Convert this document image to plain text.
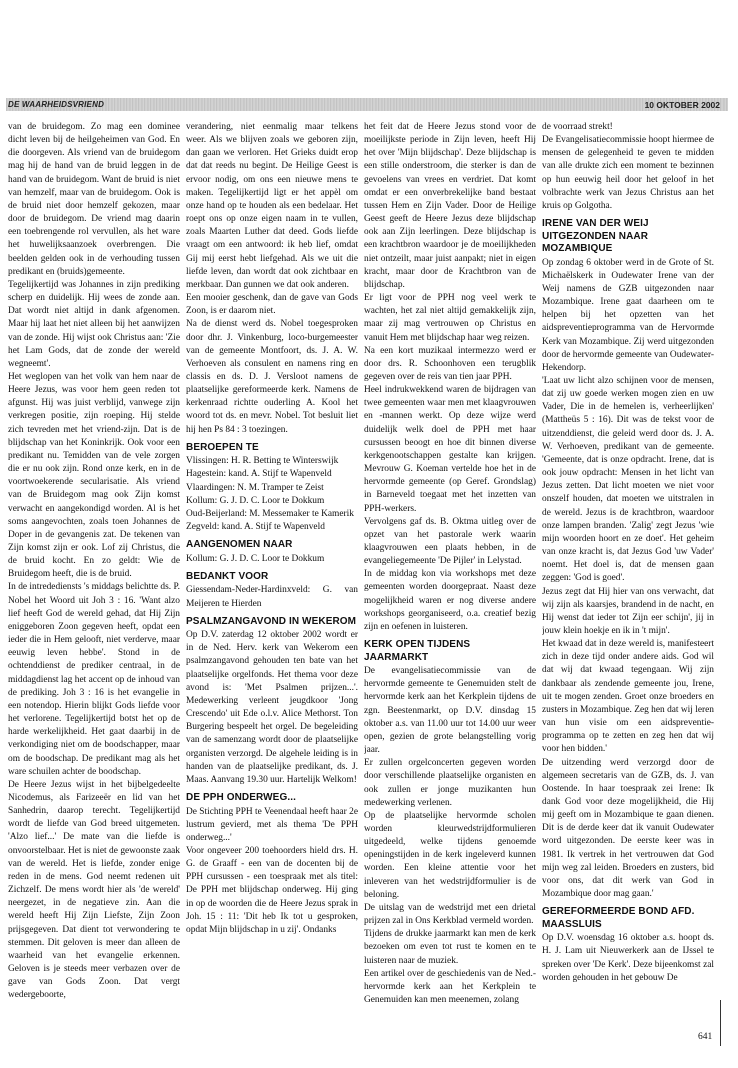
DE WAARHEIDSVRIEND	10 OKTOBER 2002

van de bruidegom. Zo mag een dominee dicht leven bij de heilgeheimen van God. En die doorgeven. Als vriend van de bruidegom mag hij de hand van de bruid leggen in de hand van de bruidegom. Want de bruid is niet van hemzelf, maar van de bruidegom. Ook is de bruid niet door hemzelf gekozen, maar door de bruidegom. De vriend mag daarin een toebrengende rol vervullen, als het ware het huwelijksaanzoek overbrengen. Die beelden gelden ook in de verhouding tussen predikant en (bruids)gemeente.

Tegelijkertijd was Johannes in zijn prediking scherp en duidelijk. Hij wees de zonde aan. Dat wordt niet altijd in dank afgenomen. Maar hij laat het niet alleen bij het aanwijzen van de zonde. Hij wijst ook Christus aan: 'Zie het Lam Gods, dat de zonde der wereld wegneemt'.

Het weglopen van het volk van hem naar de Heere Jezus, was voor hem geen reden tot afgunst. Hij was juist verblijd, vanwege zijn verkregen positie, zijn roeping. Hij stelde zich tevreden met het vriend-zijn. Dat is de blijdschap van het Koninkrijk. Ook voor een predikant nu. Temidden van de vele zorgen die er nu ook zijn. Rond onze kerk, en in de voortwoekerende secularisatie. Als vriend van de Bruidegom mag ook Zijn komst verwacht en aangekondigd worden. Al is het soms aangevochten, zoals toen Johannes de Doper in de gevangenis zat. De tekenen van Zijn komst zijn er ook. Lof zij Christus, die de bruid kocht. En zo geldt: Wie de Bruidegom heeft, die is de bruid.

In de intredediensts 's middags belichtte ds. P. Nobel het Woord uit Joh 3 : 16. 'Want alzo lief heeft God de wereld gehad, dat Hij Zijn eniggeboren Zoon gegeven heeft, opdat een ieder die in Hem gelooft, niet verderve, maar eeuwig leven hebbe'. Stond in de ochtenddienst de prediker centraal, in de middagdienst lag het accent op de inhoud van de prediking. Joh 3 : 16 is het evangelie in een notendop. Hierin blijkt Gods liefde voor het verlorene. Tegelijkertijd botst het op de harde werkelijkheid. Het gaat daarbij in de verkondiging niet om de boodschapper, maar om de boodschap. De predikant mag als het ware schuilen achter de boodschap.

De Heere Jezus wijst in het bijbelgedeelte Nicodemus, als Farizeeër en lid van het Sanhedrin, daarop terecht. Tegelijkertijd wordt de liefde van God breed uitgemeten. 'Alzo lief...' De mate van die liefde is onvoorstelbaar. Het is niet de gewoonste zaak van de wereld. Het is liefde, zonder enige reden in de mens. God neemt redenen uit Zichzelf. De mens wordt hier als 'de wereld' neergezet, in de negatieve zin. Aan die wereld heeft Hij Zijn Liefste, Zijn Zoon prijsgegeven. Dat dient tot verwondering te stemmen. Dit geloven is meer dan alleen de waarheid van het evangelie erkennen. Geloven is je steeds meer verbazen over de gave van Gods Zoon. Dat vergt wedergeboorte,

verandering, niet eenmalig maar telkens weer. Als we blijven zoals we geboren zijn, dan gaan we verloren. Het Grieks duidt erop dat dat reeds nu begint. De Heilige Geest is ervoor nodig, om ons een nieuwe mens te maken. Tegelijkertijd ligt er het appèl om onze hand op te houden als een bedelaar. Het roept ons op onze eigen naam in te vullen, zoals Maarten Luther dat deed. Gods liefde vraagt om een antwoord: ik heb lief, omdat Gij mij eerst hebt liefgehad. Als we uit die liefde leven, dan wordt dat ook zichtbaar en merkbaar. Dan gunnen we dat ook anderen.

Een mooier geschenk, dan de gave van Gods Zoon, is er daarom niet.

Na de dienst werd ds. Nobel toegesproken door dhr. J. Vinkenburg, loco-burgemeester van de gemeente Montfoort, ds. J. A. W. Verhoeven als consulent en namens ring en classis en ds. D. J. Versloot namens de plaatselijke gereformeerde kerk. Namens de kerkenraad richtte ouderling A. Kool het woord tot ds. en mevr. Nobel. Tot besluit liet hij hen Ps 84 : 3 toezingen.

BEROEPEN TE

Vlissingen: H. R. Betting te Winterswijk

Hagestein: kand. A. Stijf te Wapenveld

Vlaardingen: N. M. Tramper te Zeist

Kollum: G. J. D. C. Loor te Dokkum

Oud-Beijerland: M. Messemaker te Kamerik

Zegveld: kand. A. Stijf te Wapenveld

AANGENOMEN NAAR

Kollum: G. J. D. C. Loor te Dokkum

BEDANKT VOOR

Giessendam-Neder-Hardinxveld: G. van Meijeren te Hierden

PSALMZANGAVOND IN WEKEROM

Op D.V. zaterdag 12 oktober 2002 wordt er in de Ned. Herv. kerk van Wekerom een psalmzangavond gehouden ten bate van het plaatselijke orgelfonds. Het thema voor deze avond is: 'Met Psalmen prijzen...'. Medewerking verleent jeugdkoor 'Jong Crescendo' uit Ede o.l.v. Alice Methorst. Ton Burgering bespeelt het orgel. De begeleiding van de samenzang wordt door de plaatselijke organisten verzorgd. De algehele leiding is in handen van de plaatselijke predikant, ds. J. Maas. Aanvang 19.30 uur. Hartelijk Welkom!

DE PPH ONDERWEG...

De Stichting PPH te Veenendaal heeft haar 2e lustrum gevierd, met als thema 'De PPH onderweg...'

Voor ongeveer 200 toehoorders hield drs. H. G. de Graaff - een van de docenten bij de PPH cursussen - een toespraak met als titel: De PPH met blijdschap onderweg. Hij ging in op de woorden die de Heere Jezus sprak in Joh. 15 : 11: 'Dit heb Ik tot u gesproken, opdat Mijn blijdschap in u zij'. Ondanks

het feit dat de Heere Jezus stond voor de moeilijkste periode in Zijn leven, heeft Hij het over 'Mijn blijdschap'. Deze blijdschap is een stille onderstroom, die sterker is dan de gevoelens van vrees en verdriet. Dat komt omdat er een onverbrekelijke band bestaat tussen Hem en Zijn Vader. Door de Heilige Geest geeft de Heere Jezus deze blijdschap ook aan Zijn leerlingen. Deze blijdschap is een krachtbron waardoor je de moeilijkheden niet ontzeilt, maar juist aanpakt; niet in eigen kracht, maar door de Krachtbron van de blijdschap.

Er ligt voor de PPH nog veel werk te wachten, het zal niet altijd gemakkelijk zijn, maar zij mag vertrouwen op Christus en vanuit Hem met blijdschap haar weg reizen.

Na een kort muzikaal intermezzo werd er door drs. R. Schoonhoven een terugblik gegeven over de reis van tien jaar PPH.

Heel indrukwekkend waren de bijdragen van twee gemeenten waar men met klaagvrouwen en -mannen werkt. Op deze wijze werd duidelijk welk doel de PPH met haar cursussen beoogt en hoe dit binnen diverse kerkgenootschappen gestalte kan krijgen. Mevrouw G. Koeman vertelde hoe het in de hervormde gemeente (op Geref. Grondslag) in Barneveld toegaat met het inzetten van PPH-werkers.

Vervolgens gaf ds. B. Oktma uitleg over de opzet van het pastorale werk waarin klaagvrouwen een plaats hebben, in de evangeliegemeente 'De Pijler' in Lelystad.

In de middag kon via workshops met deze gemeenten worden doorgepraat. Naast deze mogelijkheid waren er nog diverse andere workshops georganiseerd, o.a. creatief bezig zijn en oefenen in luisteren.

KERK OPEN TIJDENS JAARMARKT

De evangelisatiecommissie van de hervormde gemeente te Genemuiden stelt de hervormde kerk aan het Kerkplein tijdens de zgn. Beestenmarkt, op D.V. dinsdag 15 oktober a.s. van 11.00 uur tot 14.00 uur weer open, gezien de grote belangstelling vorig jaar.

Er zullen orgelconcerten gegeven worden door verschillende plaatselijke organisten en ook zullen er jonge muzikanten hun medewerking verlenen.

Op de plaatselijke hervormde scholen worden kleurwedstrijdformulieren uitgedeeld, welke tijdens genoemde openingstijden in de kerk ingeleverd kunnen worden. Een kleine attentie voor het inleveren van het wedstrijdformulier is de beloning.

De uitslag van de wedstrijd met een drietal prijzen zal in Ons Kerkblad vermeld worden.

Tijdens de drukke jaarmarkt kan men de kerk bezoeken om even tot rust te komen en te luisteren naar de muziek.

Een artikel over de geschiedenis van de Ned.-hervormde kerk aan het Kerkplein te Genemuiden kan men meenemen, zolang

de voorraad strekt!

De Evangelisatiecommissie hoopt hiermee de mensen de gelegenheid te geven te midden van alle drukte zich een moment te bezinnen op hun eeuwig heil door het geloof in het volbrachte werk van Jezus Christus aan het kruis op Golgotha.

IRENE VAN DER WEIJ UITGEZONDEN NAAR MOZAMBIQUE

Op zondag 6 oktober werd in de Grote of St. Michaëlskerk in Oudewater Irene van der Weij namens de GZB uitgezonden naar Mozambique. Irene gaat daarheen om te helpen bij het opzetten van het aidspreventieprogramma van de Hervormde Kerk van Mozambique. Zij werd uitgezonden door de hervormde gemeente van Oudewater-Hekendorp.

'Laat uw licht alzo schijnen voor de mensen, dat zij uw goede werken mogen zien en uw Vader, Die in de hemelen is, verheerlijken' (Mattheüs 5 : 16). Dit was de tekst voor de uitzenddienst, die geleid werd door ds. J. A. W. Verhoeven, predikant van de gemeente. 'Gemeente, dat is onze opdracht. Irene, dat is ook jouw opdracht: Mensen in het licht van Jezus zetten. Dat licht moeten we niet voor onszelf houden, dat moeten we uitstralen in de wereld. Jezus is de krachtbron, waardoor onze lampen branden. 'Zalig' zegt Jezus 'wie mijn woorden hoort en ze doet'. Het geheim van onze kracht is, dat Jezus God 'uw Vader' noemt. Het doel is, dat de mensen gaan zeggen: 'God is goed'.

Jezus zegt dat Hij hier van ons verwacht, dat wij zijn als kaarsjes, brandend in de nacht, en Hij wenst dat ieder tot Zijn eer schijn', jij in jouw klein hoekje en ik in 't mijn'.

Het kwaad dat in deze wereld is, manifesteert zich in deze tijd onder andere aids. God wil dat wij dat kwaad tegengaan. Wij zijn dankbaar als zendende gemeente jou, Irene, uit te mogen zenden. Groet onze broeders en zusters in Mozambique. Zeg hen dat wij leren van hun visie om een aidspreventie-programma op te zetten en zeg hen dat wij voor hen bidden.'

De uitzending werd verzorgd door de algemeen secretaris van de GZB, ds. J. van Oostende. In haar toespraak zei Irene: Ik dank God voor deze mogelijkheid, die Hij mij geeft om in Mozambique te gaan dienen. Dit is de derde keer dat ik vanuit Oudewater word uitgezonden. De eerste keer was in 1981. Ik vertrek in het vertrouwen dat God mijn weg zal leiden. Broeders en zusters, bid voor ons, dat dit werk van God in Mozambique door mag gaan.'

GEREFORMEERDE BOND AFD. MAASSLUIS

Op D.V. woensdag 16 oktober a.s. hoopt ds. H. J. Lam uit Nieuwerkerk aan de IJssel te spreken over 'De Kerk'. Deze bijeenkomst zal worden gehouden in het gebouw De

641
